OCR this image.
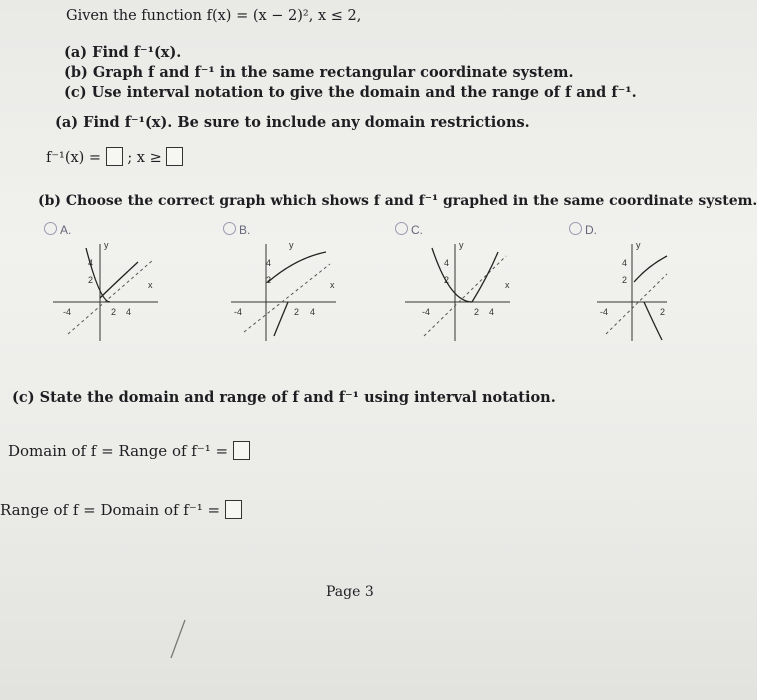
Given the function f(x) = (x − 2)², x ≤ 2,
(a) Find f⁻¹(x).
(b) Graph f and f⁻¹ in the same rectangular coordinate system.
(c) Use interval notation to give the domain and the range of f and f⁻¹.
(a) Find f⁻¹(x). Be sure to include any domain restrictions.
f⁻¹(x) = ; x ≥
(b) Choose the correct graph which shows f and f⁻¹ graphed in the same coordinate system.
A.	B.	C.	D.
y
x
4
2
2 4
-4
y
x
4
2
2 4
-4
y
x
4
2
2 4
-4
y
4
2
2
-4
(c) State the domain and range of f and f⁻¹ using interval notation.
Domain of f = Range of f⁻¹ =
Range of f = Domain of f⁻¹ =
Page 3
